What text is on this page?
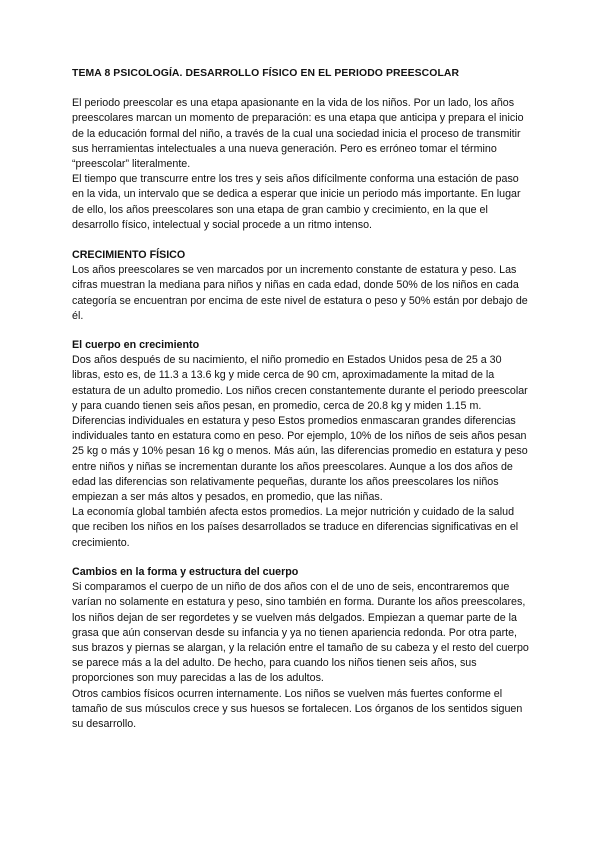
TEMA 8 PSICOLOGÍA. DESARROLLO FÍSICO EN EL PERIODO PREESCOLAR

El periodo preescolar es una etapa apasionante en la vida de los niños. Por un lado, los años preescolares marcan un momento de preparación: es una etapa que anticipa y prepara el inicio de la educación formal del niño, a través de la cual una sociedad inicia el proceso de transmitir sus herramientas intelectuales a una nueva generación. Pero es erróneo tomar el término “preescolar” literalmente.

El tiempo que transcurre entre los tres y seis años difícilmente conforma una estación de paso en la vida, un intervalo que se dedica a esperar que inicie un periodo más importante. En lugar de ello, los años preescolares son una etapa de gran cambio y crecimiento, en la que el desarrollo físico, intelectual y social procede a un ritmo intenso.

CRECIMIENTO FÍSICO

Los años preescolares se ven marcados por un incremento constante de estatura y peso. Las cifras muestran la mediana para niños y niñas en cada edad, donde 50% de los niños en cada categoría se encuentran por encima de este nivel de estatura o peso y 50% están por debajo de él.

El cuerpo en crecimiento

Dos años después de su nacimiento, el niño promedio en Estados Unidos pesa de 25 a 30 libras, esto es, de 11.3 a 13.6 kg y mide cerca de 90 cm, aproximadamente la mitad de la estatura de un adulto promedio. Los niños crecen constantemente durante el periodo preescolar y para cuando tienen seis años pesan, en promedio, cerca de 20.8 kg y miden 1.15 m.

Diferencias individuales en estatura y peso Estos promedios enmascaran grandes diferencias individuales tanto en estatura como en peso. Por ejemplo, 10% de los niños de seis años pesan 25 kg o más y 10% pesan 16 kg o menos. Más aún, las diferencias promedio en estatura y peso entre niños y niñas se incrementan durante los años preescolares. Aunque a los dos años de edad las diferencias son relativamente pequeñas, durante los años preescolares los niños empiezan a ser más altos y pesados, en promedio, que las niñas.

La economía global también afecta estos promedios. La mejor nutrición y cuidado de la salud que reciben los niños en los países desarrollados se traduce en diferencias significativas en el crecimiento.

Cambios en la forma y estructura del cuerpo

Si comparamos el cuerpo de un niño de dos años con el de uno de seis, encontraremos que varían no solamente en estatura y peso, sino también en forma. Durante los años preescolares, los niños dejan de ser regordetes y se vuelven más delgados. Empiezan a quemar parte de la grasa que aún conservan desde su infancia y ya no tienen apariencia redonda. Por otra parte, sus brazos y piernas se alargan, y la relación entre el tamaño de su cabeza y el resto del cuerpo se parece más a la del adulto. De hecho, para cuando los niños tienen seis años, sus proporciones son muy parecidas a las de los adultos.

Otros cambios físicos ocurren internamente. Los niños se vuelven más fuertes conforme el tamaño de sus músculos crece y sus huesos se fortalecen. Los órganos de los sentidos siguen su desarrollo.
